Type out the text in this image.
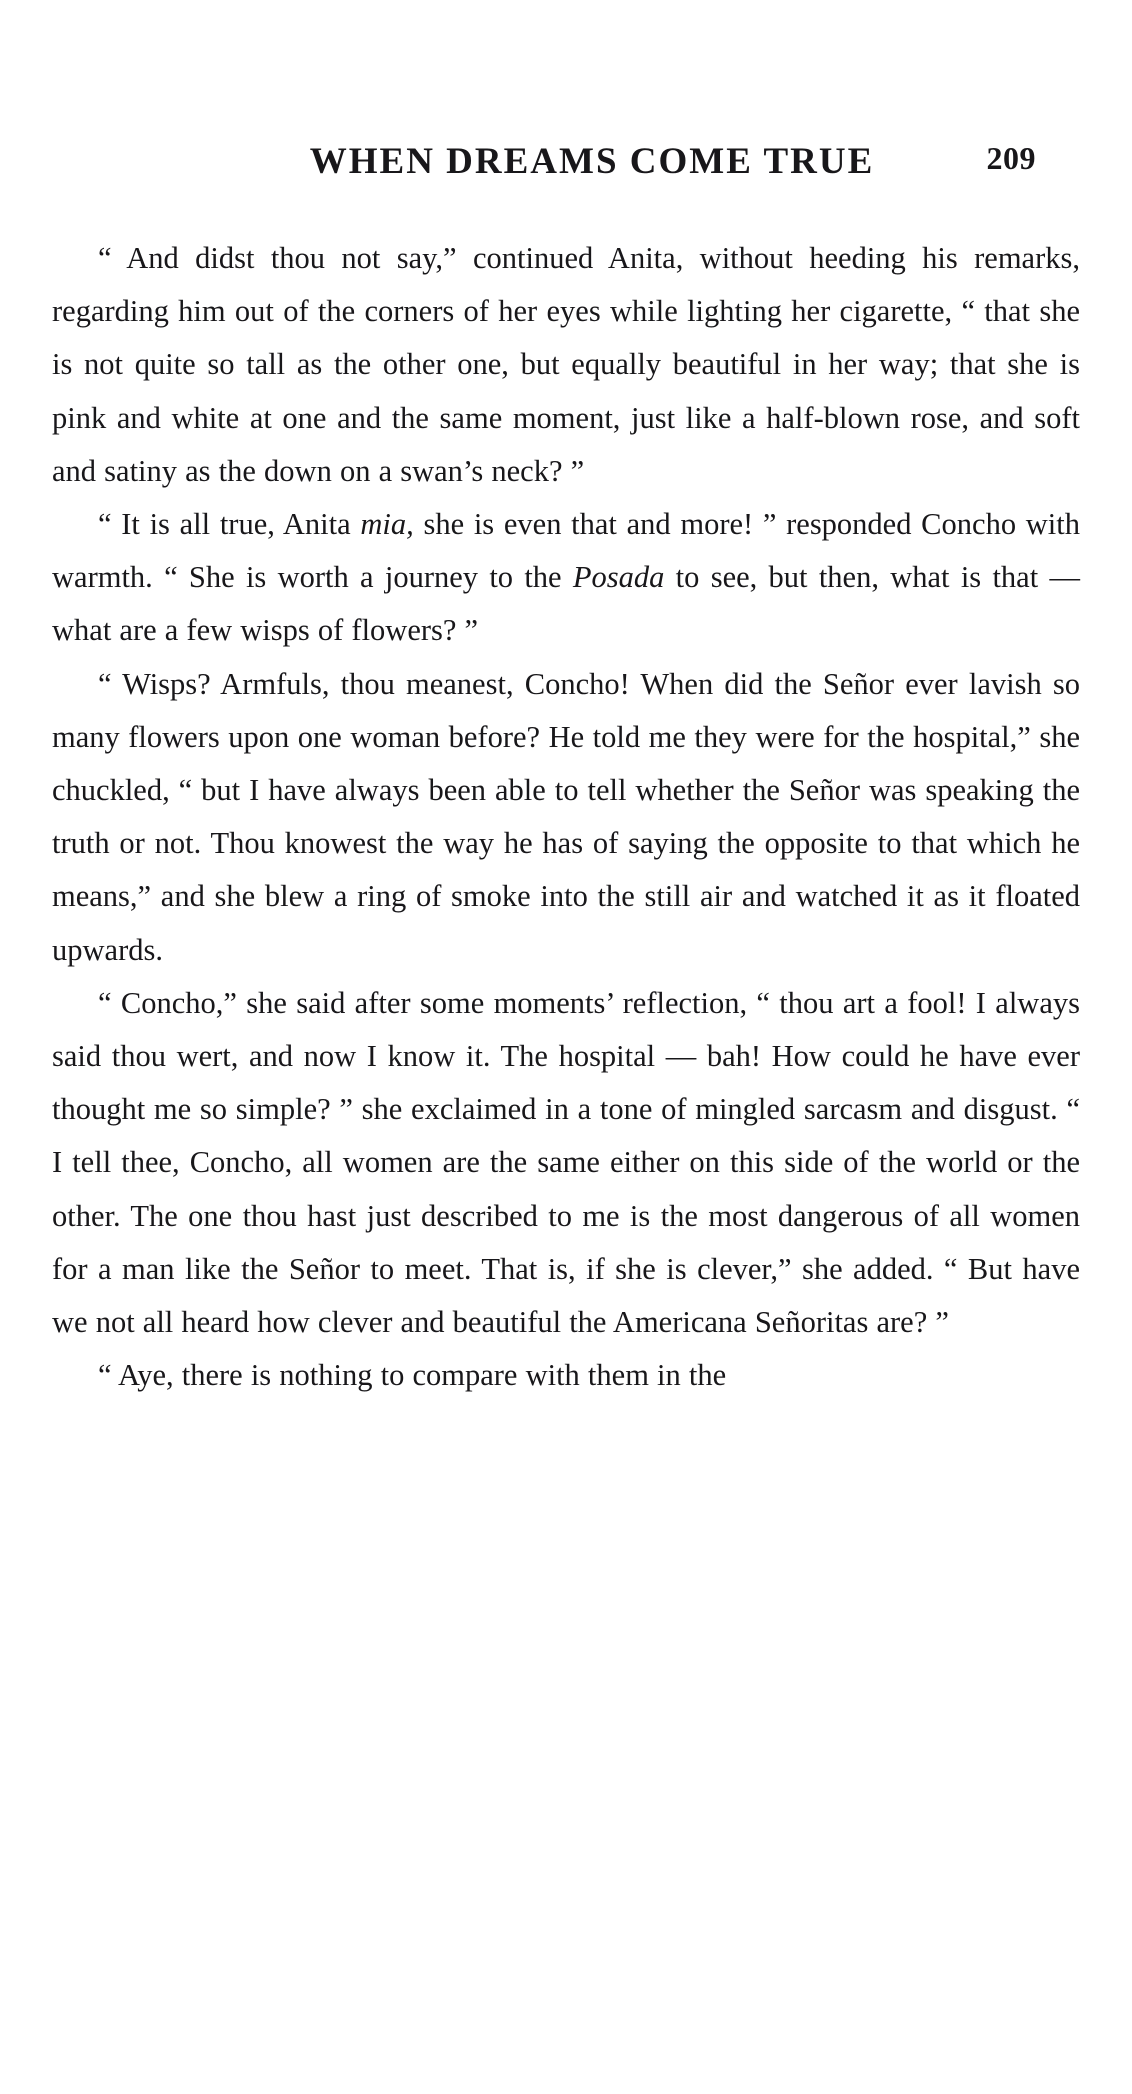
WHEN DREAMS COME TRUE	209

“ And didst thou not say,” continued Anita, without heeding his remarks, regarding him out of the corners of her eyes while lighting her cigarette, “ that she is not quite so tall as the other one, but equally beautiful in her way; that she is pink and white at one and the same moment, just like a half-blown rose, and soft and satiny as the down on a swan’s neck? ”

“ It is all true, Anita mia, she is even that and more! ” responded Concho with warmth. “ She is worth a journey to the Posada to see, but then, what is that — what are a few wisps of flowers? ”

“ Wisps? Armfuls, thou meanest, Concho! When did the Señor ever lavish so many flowers upon one woman before? He told me they were for the hospital,” she chuckled, “ but I have always been able to tell whether the Señor was speaking the truth or not. Thou knowest the way he has of saying the opposite to that which he means,” and she blew a ring of smoke into the still air and watched it as it floated upwards.

“ Concho,” she said after some moments’ reflection, “ thou art a fool! I always said thou wert, and now I know it. The hospital — bah! How could he have ever thought me so simple? ” she exclaimed in a tone of mingled sarcasm and disgust. “ I tell thee, Concho, all women are the same either on this side of the world or the other. The one thou hast just described to me is the most dangerous of all women for a man like the Señor to meet. That is, if she is clever,” she added. “ But have we not all heard how clever and beautiful the Americana Señoritas are? ”

“ Aye, there is nothing to compare with them in the
